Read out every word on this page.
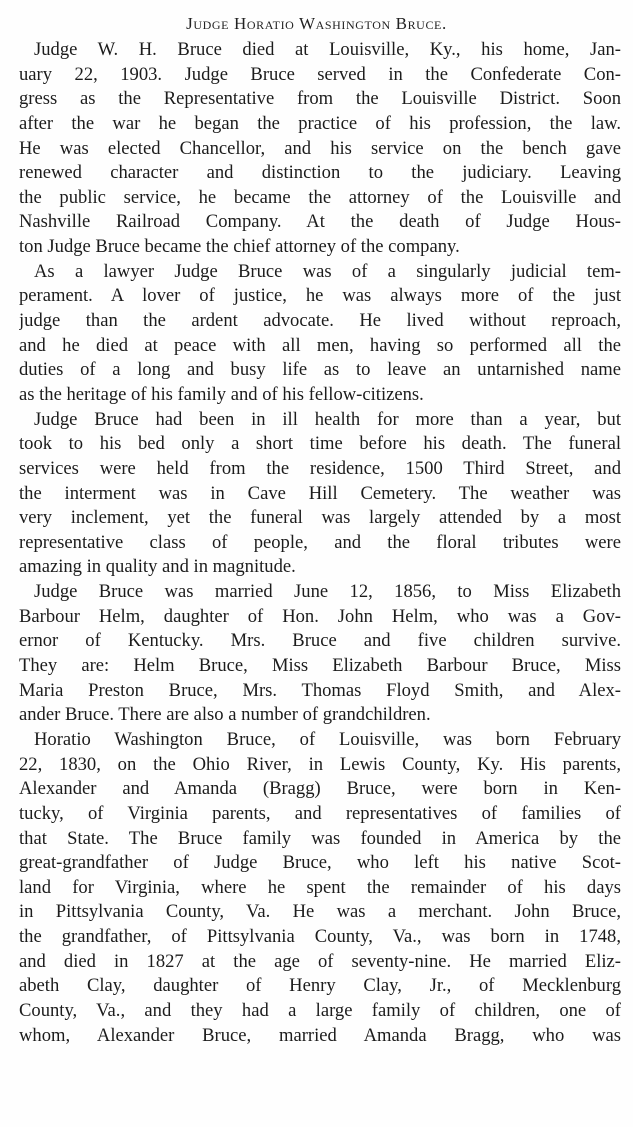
Judge Horatio Washington Bruce.
Judge W. H. Bruce died at Louisville, Ky., his home, Jan-
uary 22, 1903. Judge Bruce served in the Confederate Con-
gress as the Representative from the Louisville District. Soon
after the war he began the practice of his profession, the law.
He was elected Chancellor, and his service on the bench gave
renewed character and distinction to the judiciary. Leaving
the public service, he became the attorney of the Louisville and
Nashville Railroad Company. At the death of Judge Hous-
ton Judge Bruce became the chief attorney of the company.
As a lawyer Judge Bruce was of a singularly judicial tem-
perament. A lover of justice, he was always more of the just
judge than the ardent advocate. He lived without reproach,
and he died at peace with all men, having so performed all the
duties of a long and busy life as to leave an untarnished name
as the heritage of his family and of his fellow-citizens.
Judge Bruce had been in ill health for more than a year, but
took to his bed only a short time before his death. The funeral
services were held from the residence, 1500 Third Street, and
the interment was in Cave Hill Cemetery. The weather was
very inclement, yet the funeral was largely attended by a most
representative class of people, and the floral tributes were
amazing in quality and in magnitude.
Judge Bruce was married June 12, 1856, to Miss Elizabeth
Barbour Helm, daughter of Hon. John Helm, who was a Gov-
ernor of Kentucky. Mrs. Bruce and five children survive.
They are: Helm Bruce, Miss Elizabeth Barbour Bruce, Miss
Maria Preston Bruce, Mrs. Thomas Floyd Smith, and Alex-
ander Bruce. There are also a number of grandchildren.
Horatio Washington Bruce, of Louisville, was born February
22, 1830, on the Ohio River, in Lewis County, Ky. His parents,
Alexander and Amanda (Bragg) Bruce, were born in Ken-
tucky, of Virginia parents, and representatives of families of
that State. The Bruce family was founded in America by the
great-grandfather of Judge Bruce, who left his native Scot-
land for Virginia, where he spent the remainder of his days
in Pittsylvania County, Va. He was a merchant. John Bruce,
the grandfather, of Pittsylvania County, Va., was born in 1748,
and died in 1827 at the age of seventy-nine. He married Eliz-
abeth Clay, daughter of Henry Clay, Jr., of Mecklenburg
County, Va., and they had a large family of children, one of
whom, Alexander Bruce, married Amanda Bragg, who was
